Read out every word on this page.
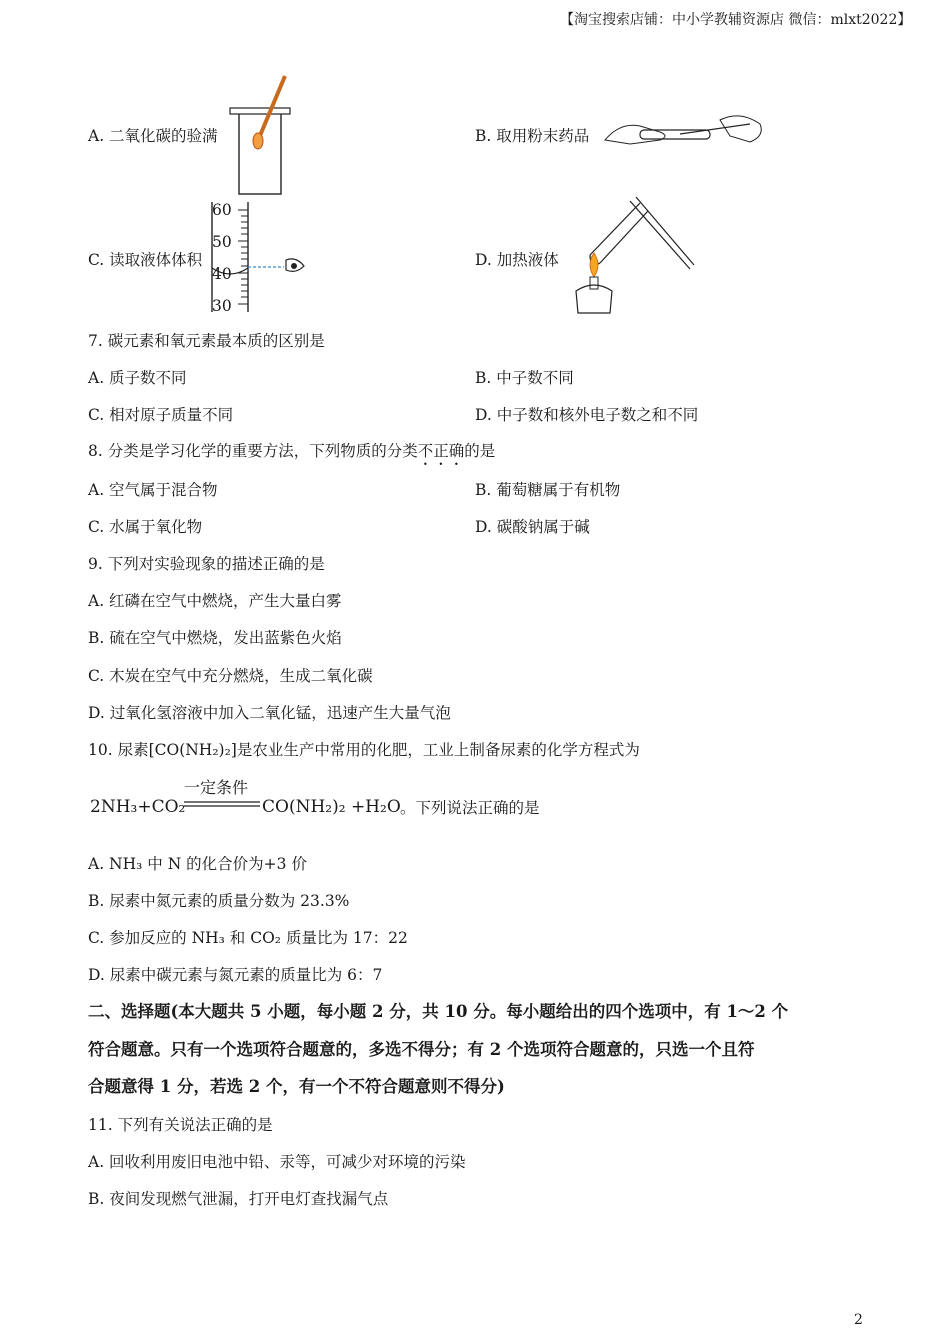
【淘宝搜索店铺：中小学教辅资源店 微信：mlxt2022】
A. 二氧化碳的验满	B. 取用粉末药品
C. 读取液体体积
60
50
40
30
D. 加热液体
7. 碳元素和氧元素最本质的区别是
A. 质子数不同	B. 中子数不同
C. 相对原子质量不同	D. 中子数和核外电子数之和不同
8. 分类是学习化学的重要方法，下列物质的分类不正确的是
A. 空气属于混合物	B. 葡萄糖属于有机物
C. 水属于氧化物	D. 碳酸钠属于碱
9. 下列对实验现象的描述正确的是
A. 红磷在空气中燃烧，产生大量白雾
B. 硫在空气中燃烧，发出蓝紫色火焰
C. 木炭在空气中充分燃烧，生成二氧化碳
D. 过氧化氢溶液中加入二氧化锰，迅速产生大量气泡
10. 尿素[CO(NH₂)₂]是农业生产中常用的化肥，工业上制备尿素的化学方程式为
2NH₃+CO₂
一定条件
CO(NH₂)₂ +H₂O 。下列说法正确的是
A. NH₃ 中 N 的化合价为+3 价
B. 尿素中氮元素的质量分数为 23.3%
C. 参加反应的 NH₃ 和 CO₂ 质量比为 17：22
D. 尿素中碳元素与氮元素的质量比为 6：7
二、选择题(本大题共 5 小题，每小题 2 分，共 10 分。每小题给出的四个选项中，有 1～2 个
符合题意。只有一个选项符合题意的，多选不得分；有 2 个选项符合题意的，只选一个且符
合题意得 1 分，若选 2 个，有一个不符合题意则不得分)
11. 下列有关说法正确的是
A. 回收利用废旧电池中铅、汞等，可减少对环境的污染
B. 夜间发现燃气泄漏，打开电灯查找漏气点
2
